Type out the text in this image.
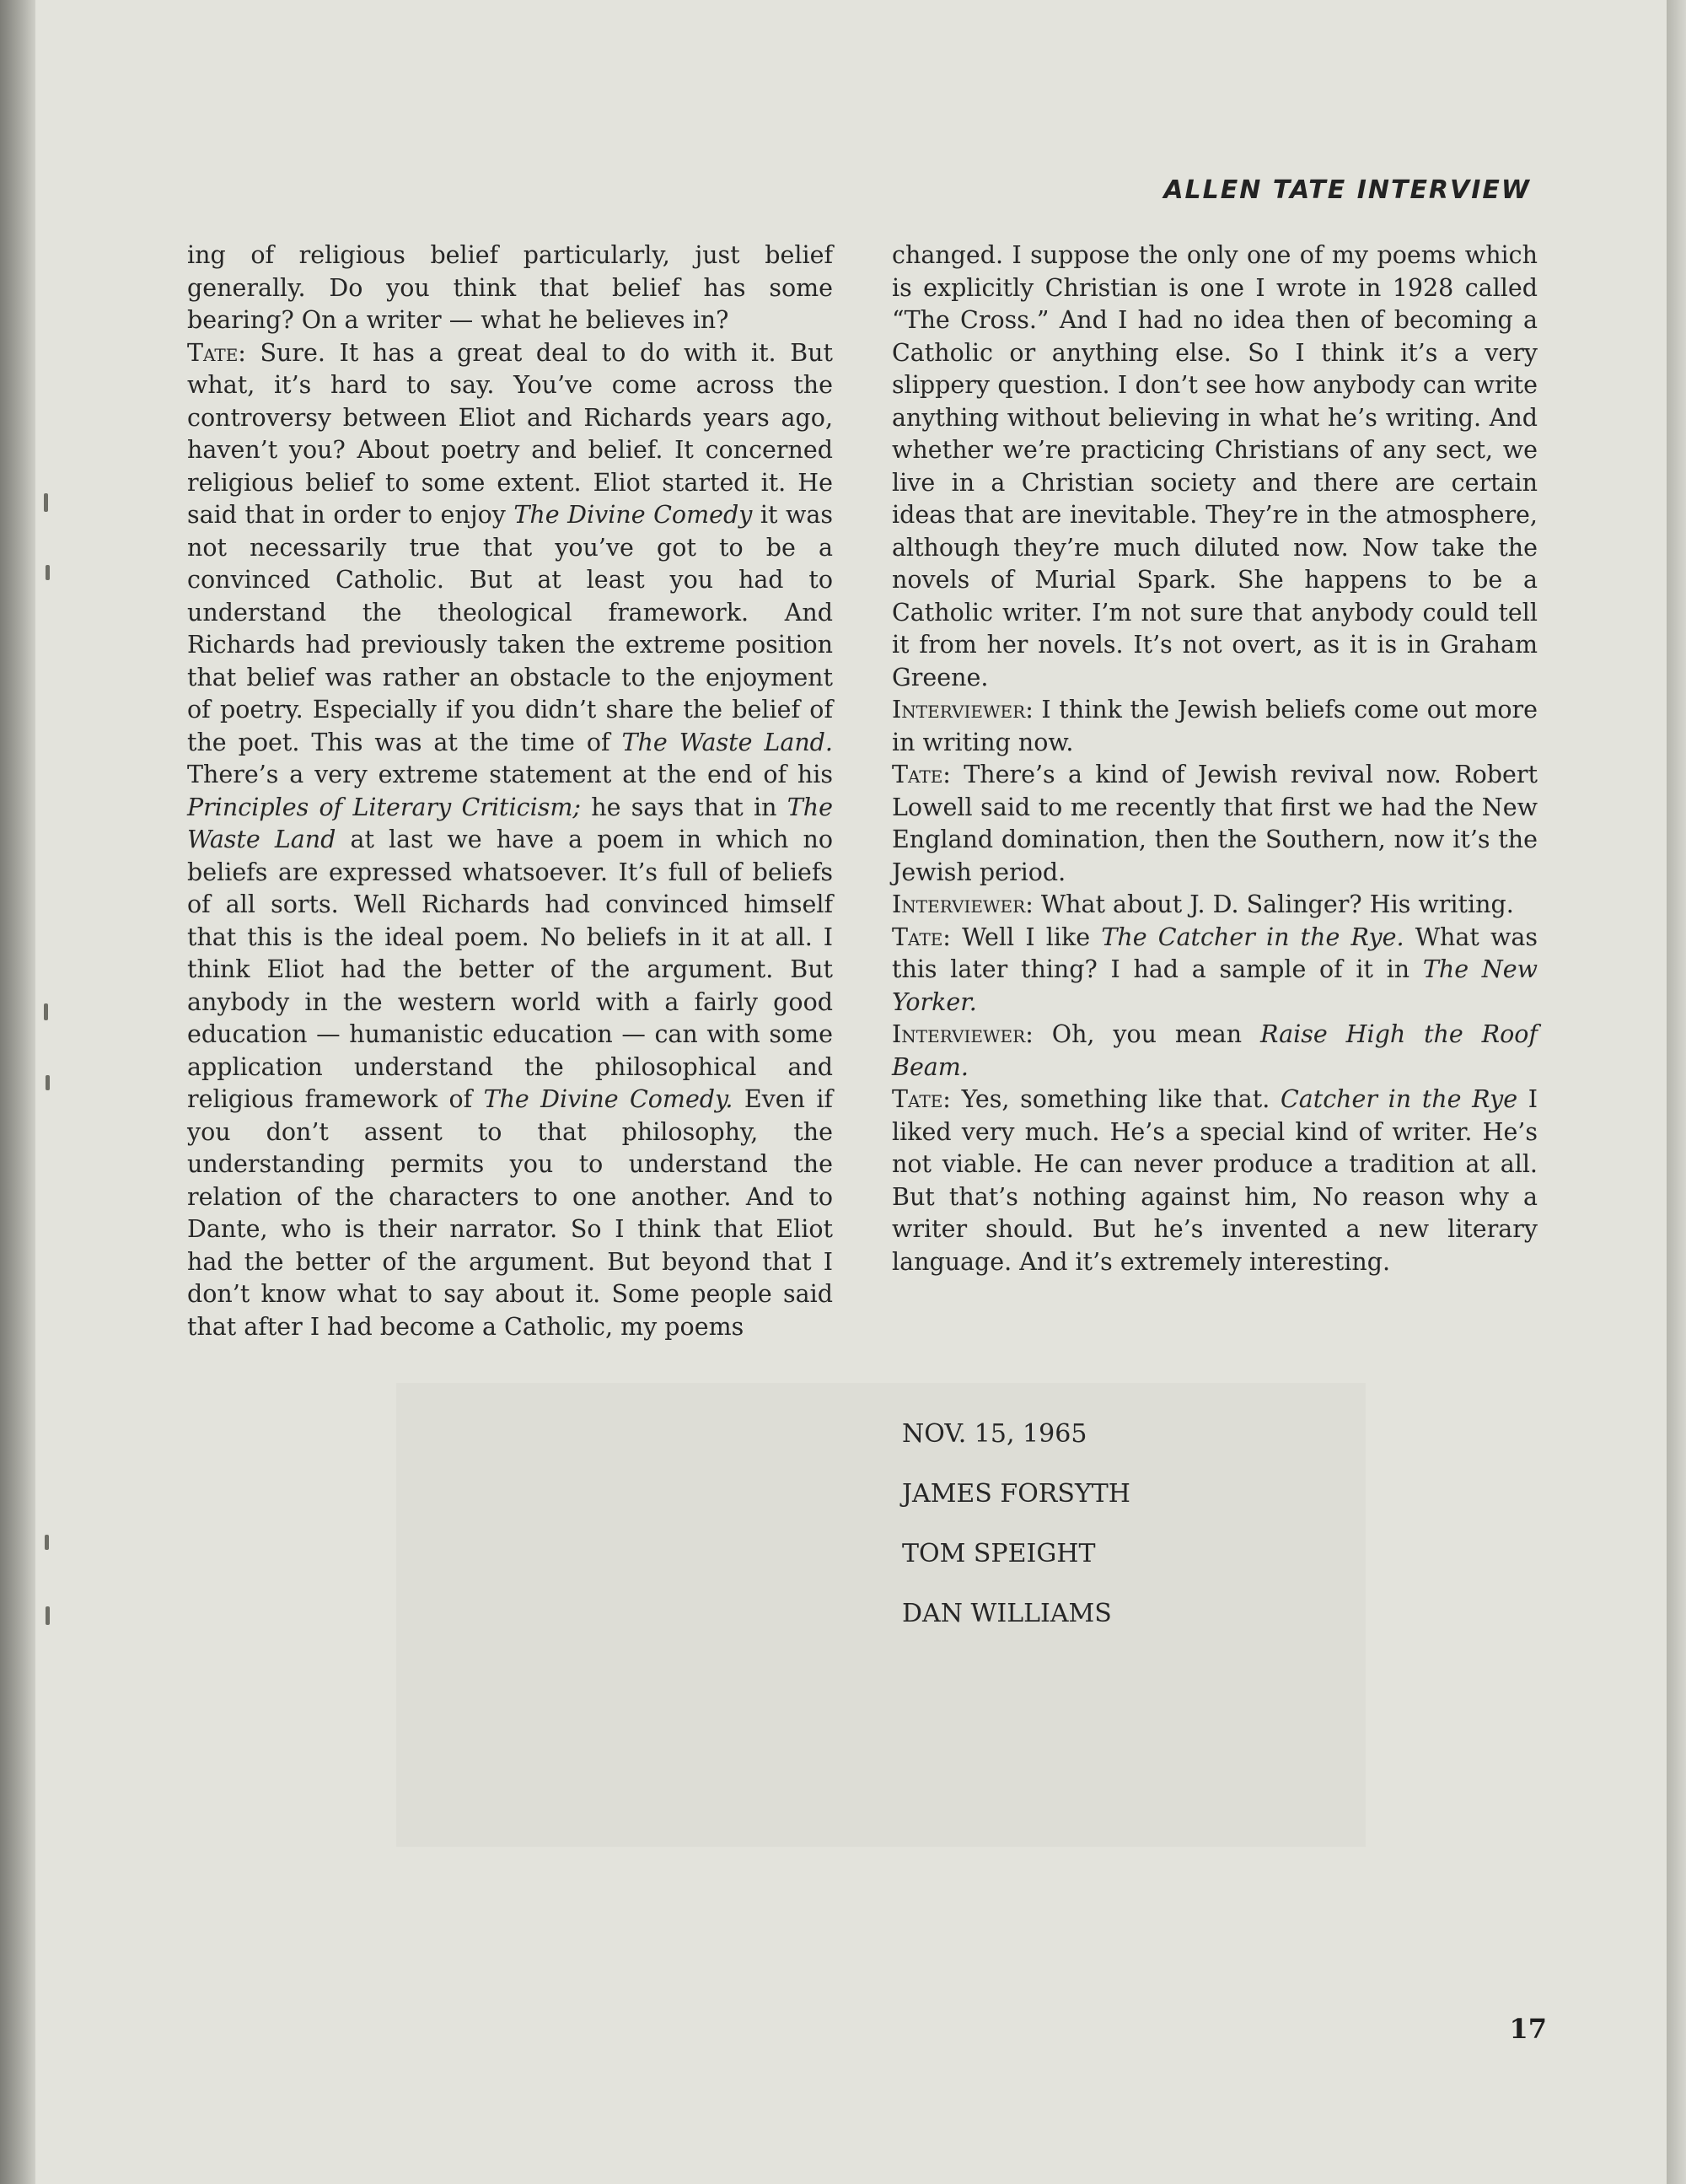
ALLEN TATE INTERVIEW

ing of religious belief particularly, just belief generally. Do you think that belief has some bearing? On a writer — what he believes in?

Tate: Sure. It has a great deal to do with it. But what, it’s hard to say. You’ve come across the controversy between Eliot and Richards years ago, haven’t you? About poetry and belief. It concerned religious belief to some extent. Eliot started it. He said that in order to enjoy The Divine Comedy it was not necessarily true that you’ve got to be a convinced Catholic. But at least you had to understand the theological framework. And Richards had previously taken the extreme position that belief was rather an obstacle to the enjoyment of poetry. Especially if you didn’t share the belief of the poet. This was at the time of The Waste Land. There’s a very extreme statement at the end of his Principles of Literary Criticism; he says that in The Waste Land at last we have a poem in which no beliefs are expressed whatsoever. It’s full of beliefs of all sorts. Well Richards had convinced himself that this is the ideal poem. No beliefs in it at all. I think Eliot had the better of the argument. But anybody in the western world with a fairly good education — humanistic education — can with some application understand the philosophical and religious framework of The Divine Comedy. Even if you don’t assent to that philosophy, the understanding permits you to understand the relation of the characters to one another. And to Dante, who is their narrator. So I think that Eliot had the better of the argument. But beyond that I don’t know what to say about it. Some people said that after I had become a Catholic, my poems

changed. I suppose the only one of my poems which is explicitly Christian is one I wrote in 1928 called “The Cross.” And I had no idea then of becoming a Catholic or anything else. So I think it’s a very slippery question. I don’t see how anybody can write anything without believing in what he’s writing. And whether we’re practicing Christians of any sect, we live in a Christian society and there are certain ideas that are inevitable. They’re in the atmosphere, although they’re much diluted now. Now take the novels of Murial Spark. She happens to be a Catholic writer. I’m not sure that anybody could tell it from her novels. It’s not overt, as it is in Graham Greene.

Interviewer: I think the Jewish beliefs come out more in writing now.

Tate: There’s a kind of Jewish revival now. Robert Lowell said to me recently that first we had the New England domination, then the Southern, now it’s the Jewish period.

Interviewer: What about J. D. Salinger? His writing.

Tate: Well I like The Catcher in the Rye. What was this later thing? I had a sample of it in The New Yorker.

Interviewer: Oh, you mean Raise High the Roof Beam.

Tate: Yes, something like that. Catcher in the Rye I liked very much. He’s a special kind of writer. He’s not viable. He can never produce a tradition at all. But that’s nothing against him, No reason why a writer should. But he’s invented a new literary language. And it’s extremely interesting.

NOV. 15, 1965
JAMES FORSYTH
TOM SPEIGHT
DAN WILLIAMS
17
